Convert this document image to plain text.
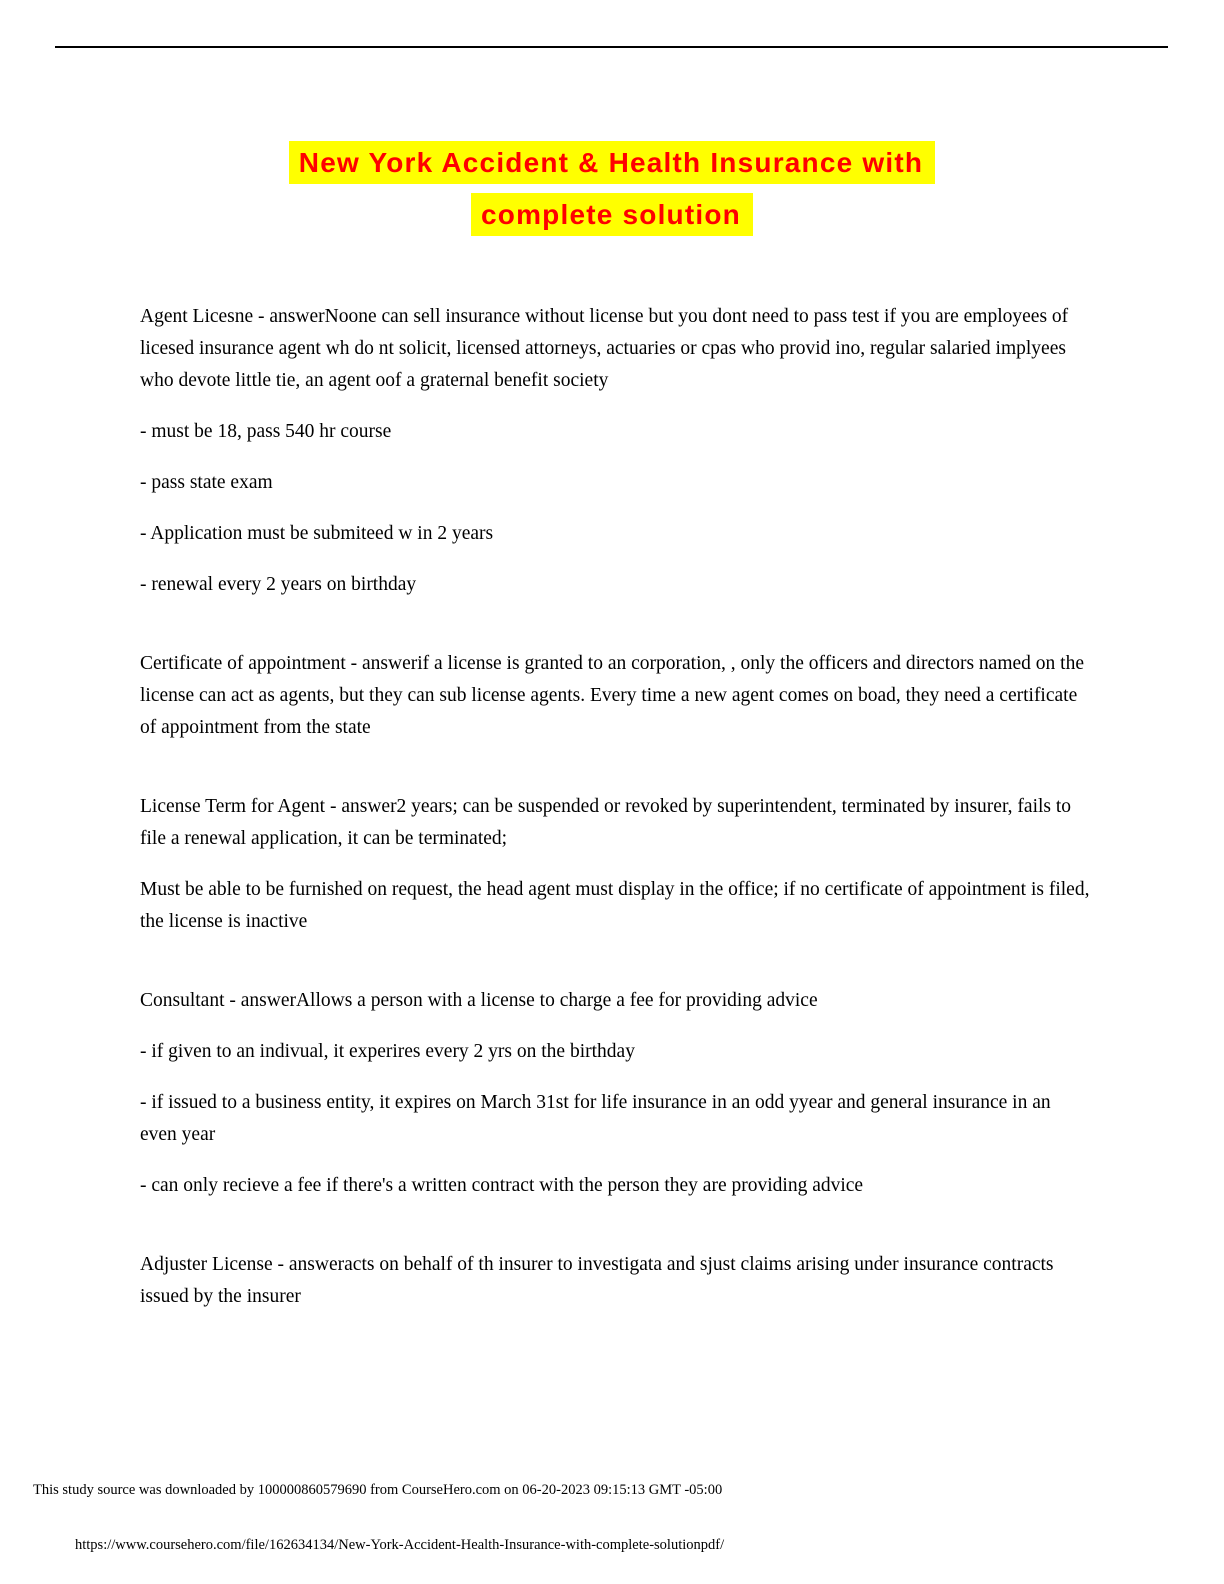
New York Accident & Health Insurance with
complete solution
Agent Licesne - answerNoone can sell insurance without license but you dont need to pass test if you are employees of licesed insurance agent wh do nt solicit, licensed attorneys, actuaries or cpas who provid ino, regular salaried implyees who devote little tie, an agent oof a graternal benefit society
- must be 18, pass 540 hr course
- pass state exam
- Application must be submiteed w in 2 years
- renewal every 2 years on birthday
Certificate of appointment - answerif a license is granted to an corporation, , only the officers and directors named on the license can act as agents, but they can sub license agents. Every time a new agent comes on boad, they need a certificate of appointment from the state
License Term for Agent - answer2 years; can be suspended or revoked by superintendent, terminated by insurer, fails to file a renewal application, it can be terminated;
Must be able to be furnished on request, the head agent must display in the office; if no certificate of appointment is filed, the license is inactive
Consultant - answerAllows a person with a license to charge a fee for providing advice
- if given to an indivual, it experires every 2 yrs on the birthday
- if issued to a business entity, it expires on March 31st for life insurance in an odd yyear and general insurance in an even year
- can only recieve a fee if there's a written contract with the person they are providing advice
Adjuster License - answeracts on behalf of th insurer to investigata and sjust claims arising under insurance contracts issued by the insurer
This study source was downloaded by 100000860579690 from CourseHero.com on 06-20-2023 09:15:13 GMT -05:00
https://www.coursehero.com/file/162634134/New-York-Accident-Health-Insurance-with-complete-solutionpdf/
